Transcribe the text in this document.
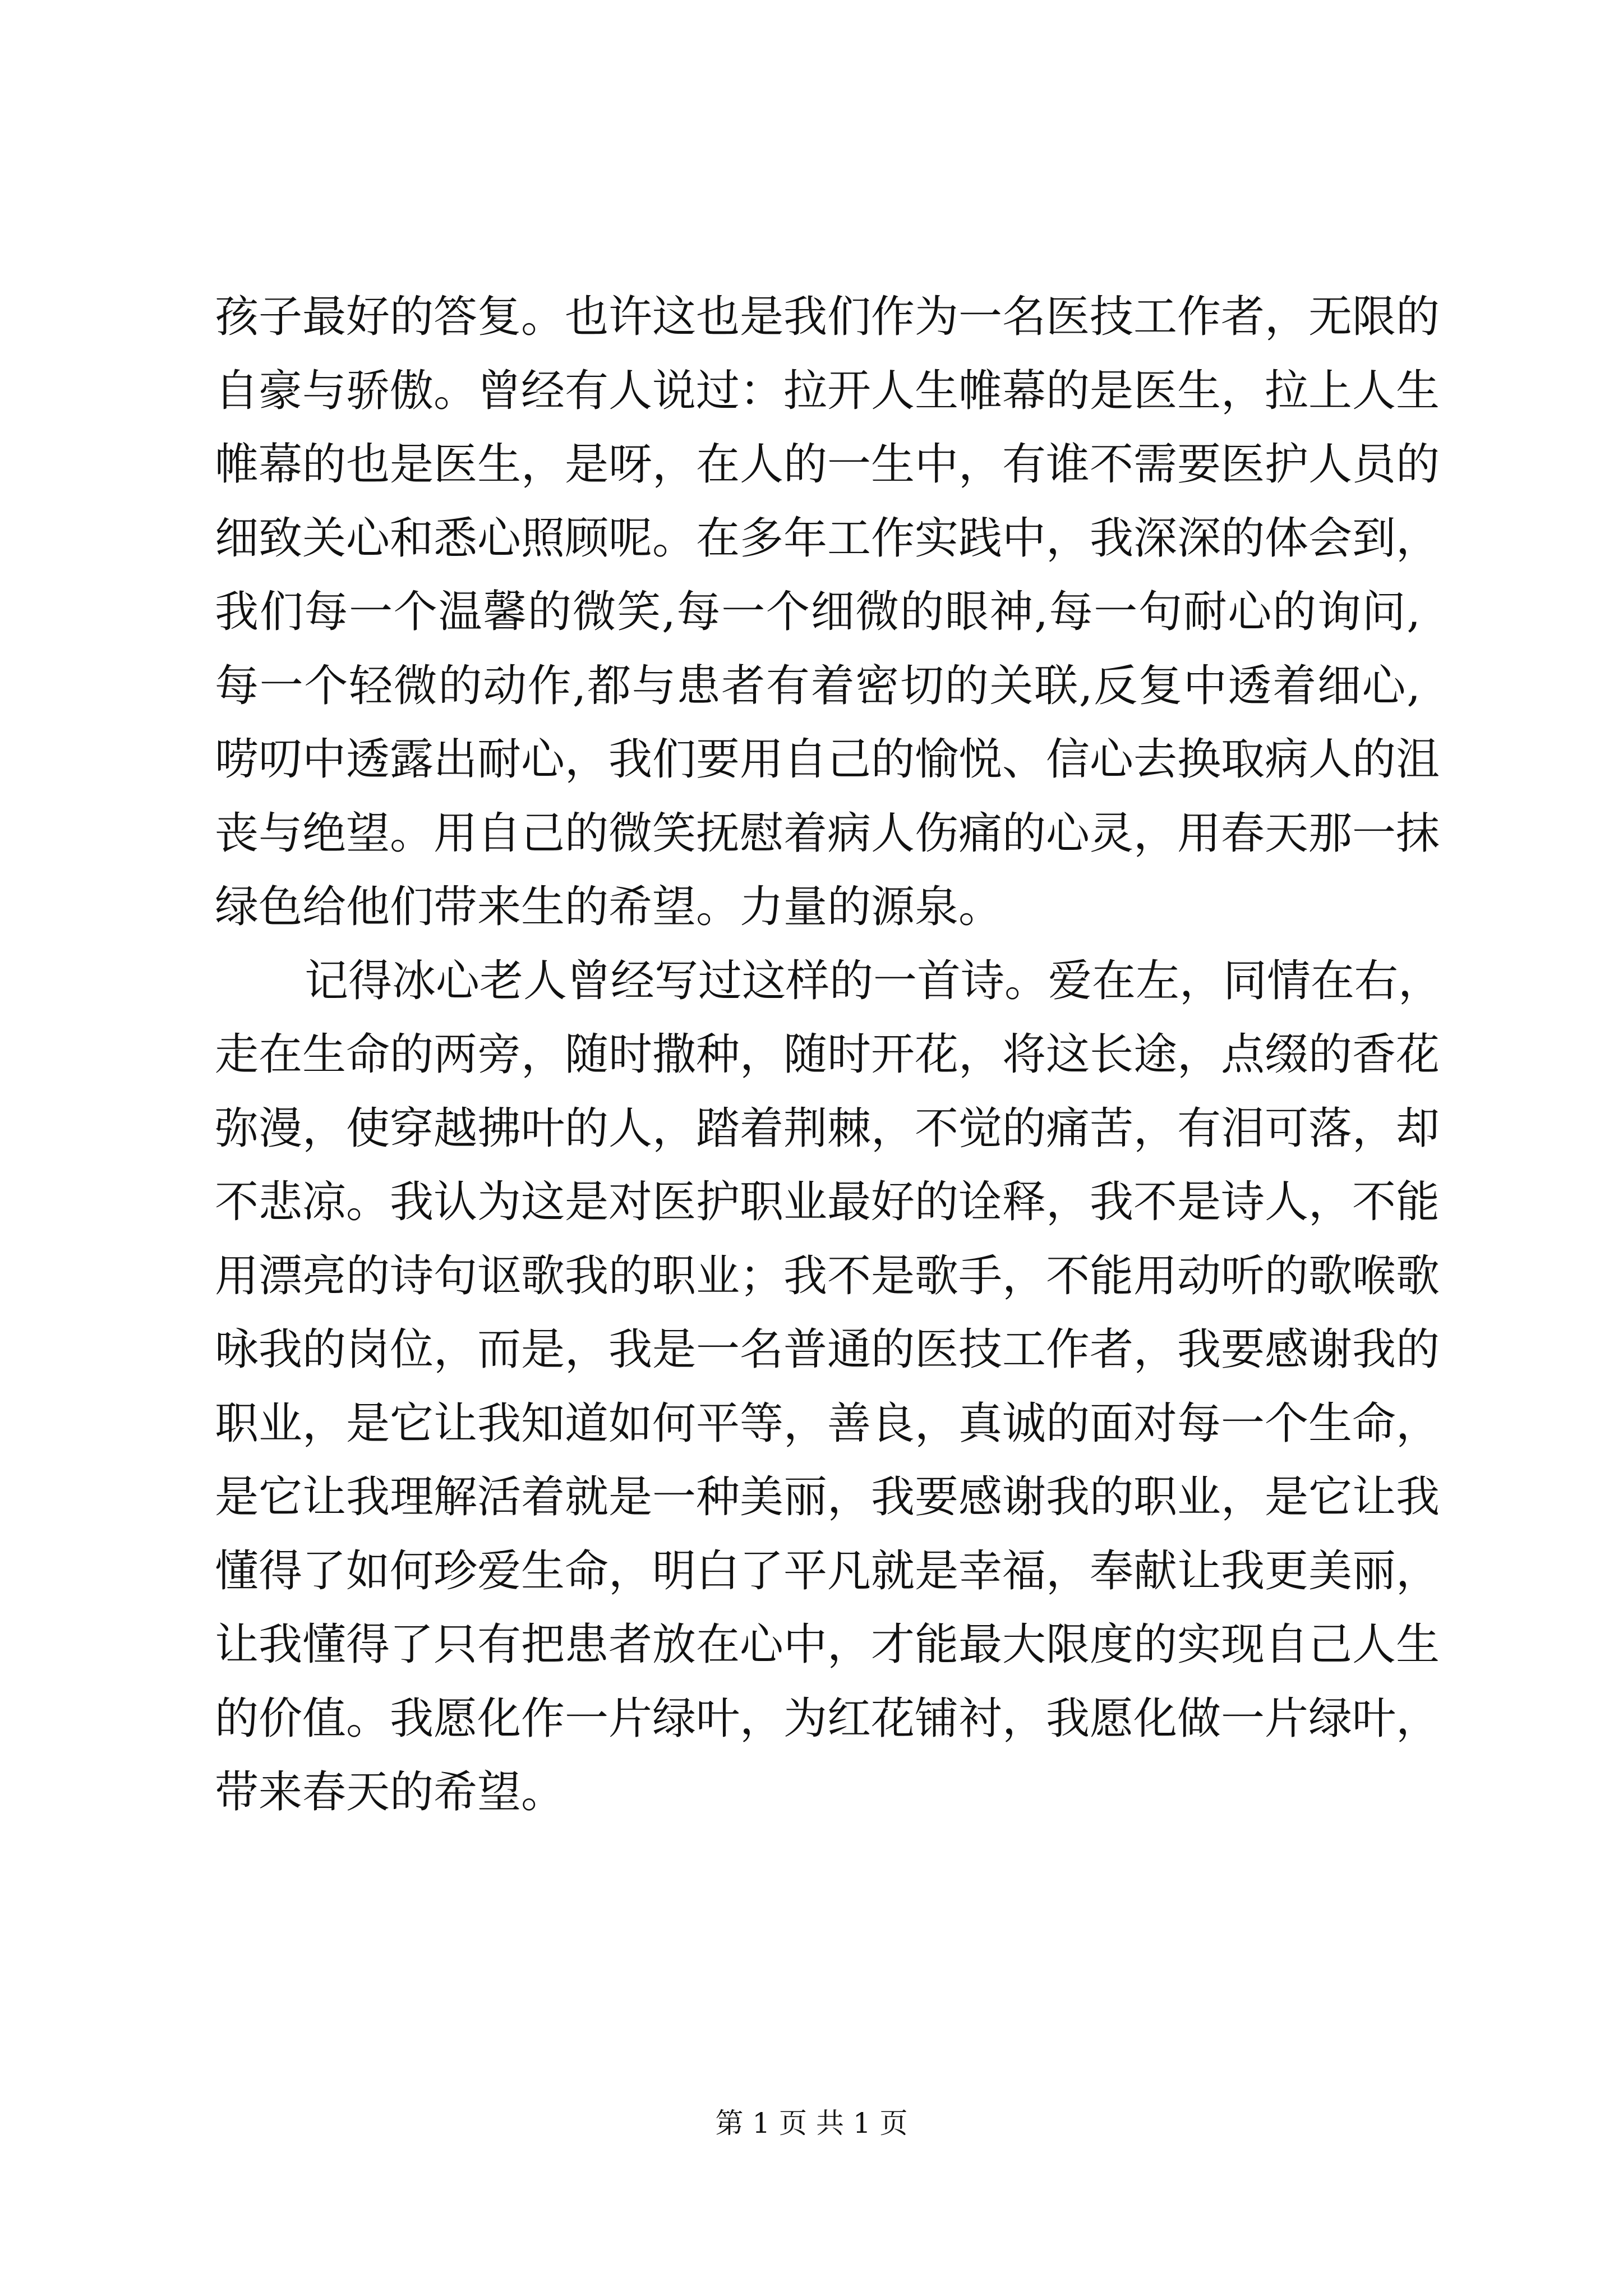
孩子最好的答复。也许这也是我们作为一名医技工作者，无限的
自豪与骄傲。曾经有人说过：拉开人生帷幕的是医生，拉上人生
帷幕的也是医生，是呀，在人的一生中，有谁不需要医护人员的
细致关心和悉心照顾呢。在多年工作实践中，我深深的体会到，
我们每一个温馨的微笑,每一个细微的眼神,每一句耐心的询问,
每一个轻微的动作,都与患者有着密切的关联,反复中透着细心,
唠叨中透露出耐心，我们要用自己的愉悦、信心去换取病人的沮
丧与绝望。用自己的微笑抚慰着病人伤痛的心灵，用春天那一抹
绿色给他们带来生的希望。力量的源泉。
记得冰心老人曾经写过这样的一首诗。爱在左，同情在右，
走在生命的两旁，随时撒种，随时开花，将这长途，点缀的香花
弥漫，使穿越拂叶的人，踏着荆棘，不觉的痛苦，有泪可落，却
不悲凉。我认为这是对医护职业最好的诠释，我不是诗人，不能
用漂亮的诗句讴歌我的职业；我不是歌手，不能用动听的歌喉歌
咏我的岗位，而是，我是一名普通的医技工作者，我要感谢我的
职业，是它让我知道如何平等，善良，真诚的面对每一个生命，
是它让我理解活着就是一种美丽，我要感谢我的职业，是它让我
懂得了如何珍爱生命，明白了平凡就是幸福，奉献让我更美丽，
让我懂得了只有把患者放在心中，才能最大限度的实现自己人生
的价值。我愿化作一片绿叶，为红花铺衬，我愿化做一片绿叶，
带来春天的希望。
第 1 页 共 1 页
